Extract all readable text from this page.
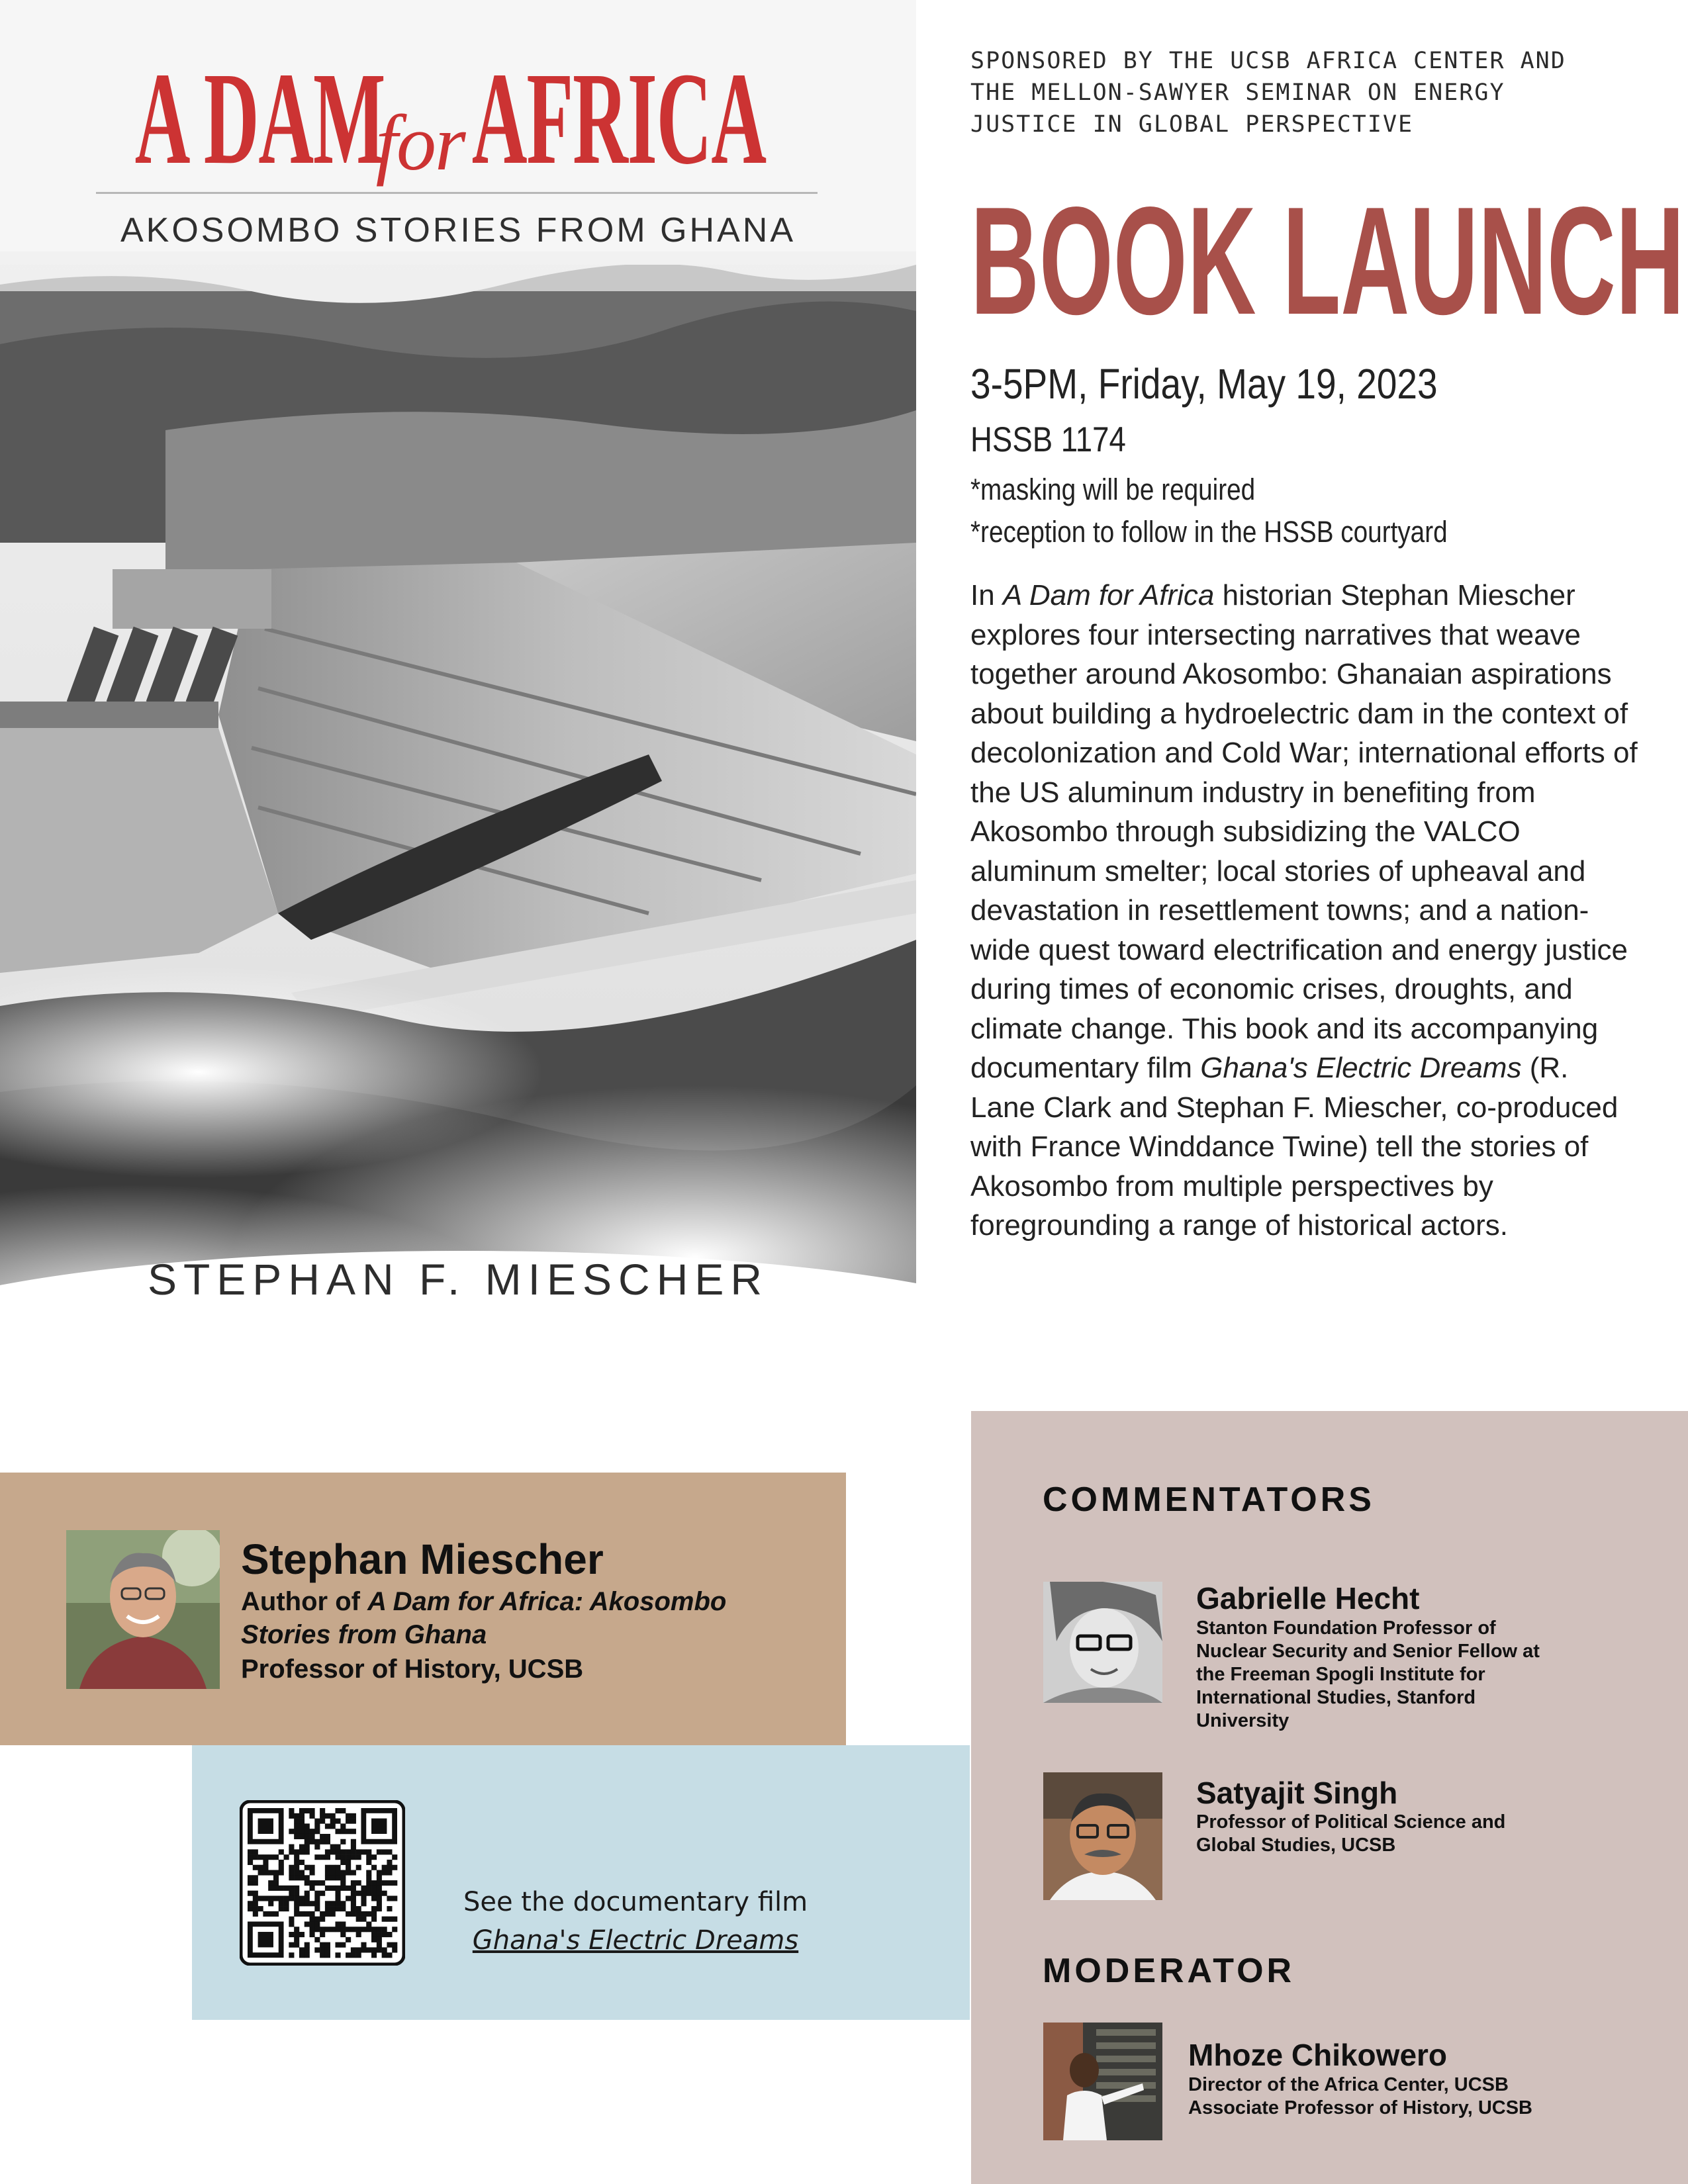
A DAMforAFRICA
AKOSOMBO STORIES FROM GHANA
STEPHAN F. MIESCHER
SPONSORED BY THE UCSB AFRICA CENTER AND
THE MELLON-SAWYER SEMINAR ON ENERGY
JUSTICE IN GLOBAL PERSPECTIVE
BOOK LAUNCH
3-5PM, Friday, May 19, 2023
HSSB 1174
*masking will be required
*reception to follow in the HSSB courtyard
In A Dam for Africa historian Stephan Miescher explores four intersecting narratives that weave together around Akosombo: Ghanaian aspirations about building a hydroelectric dam in the context of decolonization and Cold War; international efforts of the US aluminum industry in benefiting from Akosombo through subsidizing the VALCO aluminum smelter; local stories of upheaval and devastation in resettlement towns; and a nation-wide quest toward electrification and energy justice during times of economic crises, droughts, and climate change. This book and its accompanying documentary film Ghana's Electric Dreams (R. Lane Clark and Stephan F. Miescher, co-produced with France Winddance Twine) tell the stories of Akosombo from multiple perspectives by foregrounding a range of historical actors.
Stephan Miescher
Author of A Dam for Africa: Akosombo
Stories from Ghana
Professor of History, UCSB
See the documentary film
Ghana's Electric Dreams
COMMENTATORS
Gabrielle Hecht
Stanton Foundation Professor of
Nuclear Security and Senior Fellow at
the Freeman Spogli Institute for
International Studies, Stanford
University
Satyajit Singh
Professor of Political Science and
Global Studies, UCSB
MODERATOR
Mhoze Chikowero
Director of the Africa Center, UCSB
Associate Professor of History, UCSB
